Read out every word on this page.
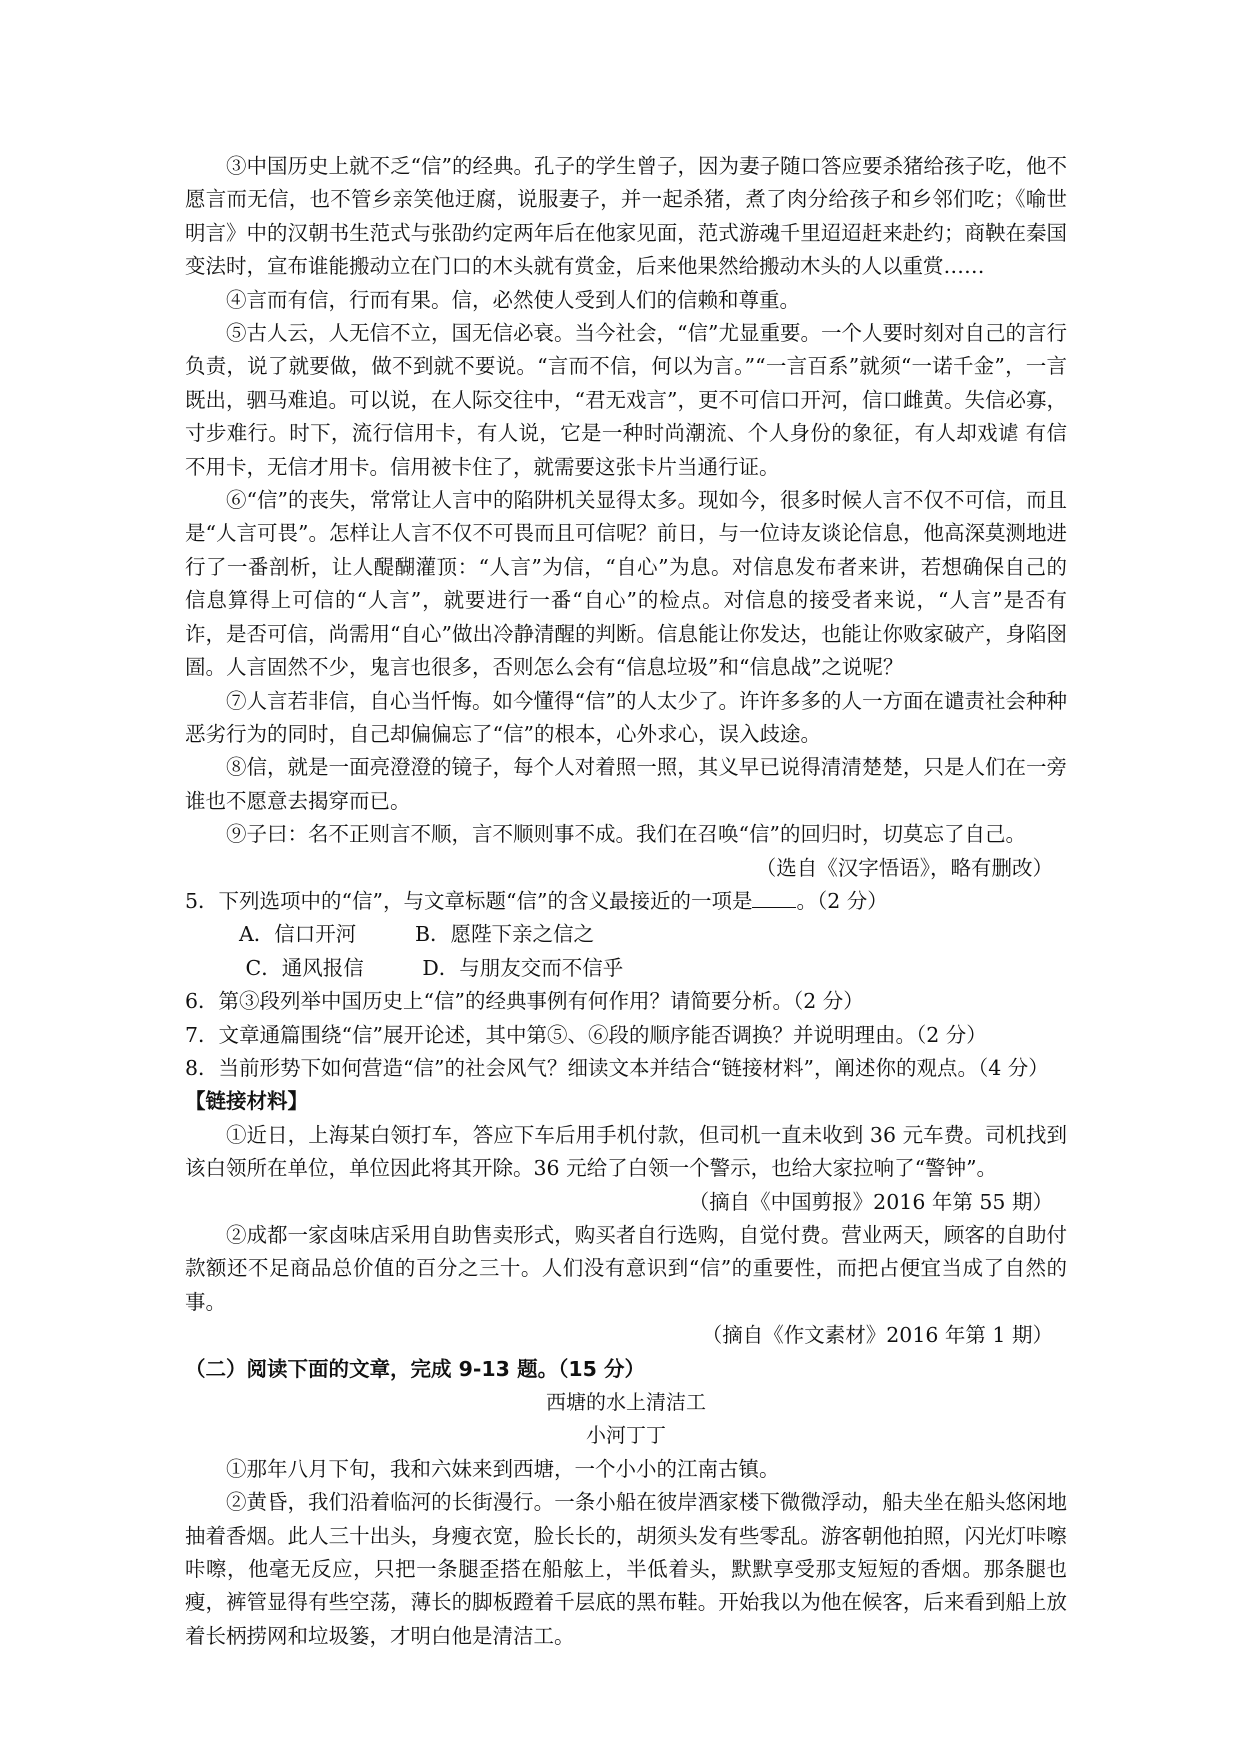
③中国历史上就不乏“信”的经典。孔子的学生曾子，因为妻子随口答应要杀猪给孩子吃，他不愿言而无信，也不管乡亲笑他迂腐，说服妻子，并一起杀猪，煮了肉分给孩子和乡邻们吃；《喻世明言》中的汉朝书生范式与张劭约定两年后在他家见面，范式游魂千里迢迢赶来赴约；商鞅在秦国变法时，宣布谁能搬动立在门口的木头就有赏金，后来他果然给搬动木头的人以重赏……

④言而有信，行而有果。信，必然使人受到人们的信赖和尊重。

⑤古人云，人无信不立，国无信必衰。当今社会，“信”尤显重要。一个人要时刻对自己的言行负责，说了就要做，做不到就不要说。“言而不信，何以为言。”“一言百系”就须“一诺千金”，一言既出，驷马难追。可以说，在人际交往中，“君无戏言”，更不可信口开河，信口雌黄。失信必寡，寸步难行。时下，流行信用卡，有人说，它是一种时尚潮流、个人身份的象征，有人却戏谑 有信不用卡，无信才用卡。信用被卡住了，就需要这张卡片当通行证。

⑥“信”的丧失，常常让人言中的陷阱机关显得太多。现如今，很多时候人言不仅不可信，而且是“人言可畏”。怎样让人言不仅不可畏而且可信呢？前日，与一位诗友谈论信息，他高深莫测地进行了一番剖析，让人醍醐灌顶：“人言”为信，“自心”为息。对信息发布者来讲，若想确保自己的信息算得上可信的“人言”，就要进行一番“自心”的检点。对信息的接受者来说，“人言”是否有诈，是否可信，尚需用“自心”做出冷静清醒的判断。信息能让你发达，也能让你败家破产，身陷囹圄。人言固然不少，鬼言也很多，否则怎么会有“信息垃圾”和“信息战”之说呢？

⑦人言若非信，自心当忏悔。如今懂得“信”的人太少了。许许多多的人一方面在谴责社会种种恶劣行为的同时，自己却偏偏忘了“信”的根本，心外求心，误入歧途。

⑧信，就是一面亮澄澄的镜子，每个人对着照一照，其义早已说得清清楚楚，只是人们在一旁谁也不愿意去揭穿而已。

⑨子曰：名不正则言不顺，言不顺则事不成。我们在召唤“信”的回归时，切莫忘了自己。

（选自《汉字悟语》，略有删改）

5．下列选项中的“信”，与文章标题“信”的含义最接近的一项是 。（2 分）

A．信口开河         B．愿陛下亲之信之

C．通风报信         D．与朋友交而不信乎

6．第③段列举中国历史上“信”的经典事例有何作用？请简要分析。（2 分）

7．文章通篇围绕“信”展开论述，其中第⑤、⑥段的顺序能否调换？并说明理由。（2 分）

8．当前形势下如何营造“信”的社会风气？细读文本并结合“链接材料”，阐述你的观点。（4 分）

【链接材料】

①近日，上海某白领打车，答应下车后用手机付款，但司机一直未收到 36 元车费。司机找到该白领所在单位，单位因此将其开除。36 元给了白领一个警示，也给大家拉响了“警钟”。

（摘自《中国剪报》2016 年第 55 期）

②成都一家卤味店采用自助售卖形式，购买者自行选购，自觉付费。营业两天，顾客的自助付款额还不足商品总价值的百分之三十。人们没有意识到“信”的重要性，而把占便宜当成了自然的事。

（摘自《作文素材》2016 年第 1 期）

（二）阅读下面的文章，完成 9-13 题。（15 分）

西塘的水上清洁工

小河丁丁

①那年八月下旬，我和六妹来到西塘，一个小小的江南古镇。

②黄昏，我们沿着临河的长街漫行。一条小船在彼岸酒家楼下微微浮动，船夫坐在船头悠闲地抽着香烟。此人三十出头，身瘦衣宽，脸长长的，胡须头发有些零乱。游客朝他拍照，闪光灯咔嚓咔嚓，他毫无反应，只把一条腿歪搭在船舷上，半低着头，默默享受那支短短的香烟。那条腿也瘦，裤管显得有些空荡，薄长的脚板蹬着千层底的黑布鞋。开始我以为他在候客，后来看到船上放着长柄捞网和垃圾篓，才明白他是清洁工。
